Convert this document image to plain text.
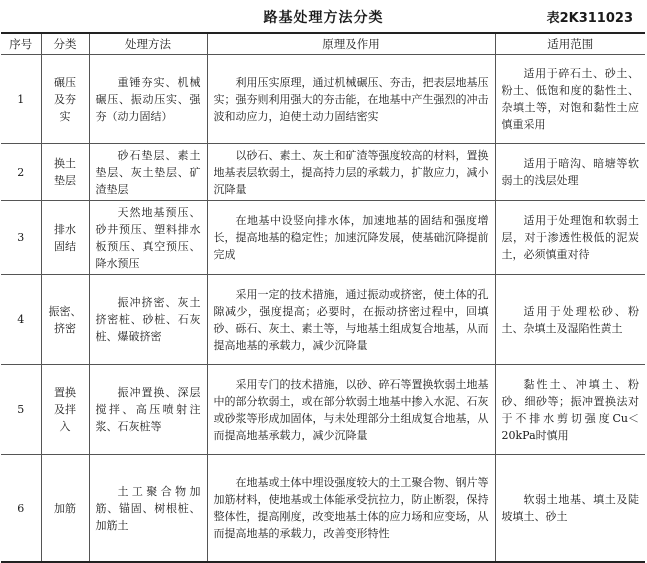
路基处理方法分类	表2K311023
序号	分类	处理方法	原理及作用	适用范围
1	碾压及夯实	重锤夯实、机械碾压、振动压实、强夯（动力固结）	利用压实原理，通过机械碾压、夯击，把表层地基压实；强夯则利用强大的夯击能，在地基中产生强烈的冲击波和动应力，迫使土动力固结密实	适用于碎石土、砂土、粉土、低饱和度的黏性土、杂填土等，对饱和黏性土应慎重采用

2	换土垫层	砂石垫层、素土垫层、灰土垫层、矿渣垫层	以砂石、素土、灰土和矿渣等强度较高的材料，置换地基表层软弱土，提高持力层的承载力，扩散应力，减小沉降量	适用于暗沟、暗塘等软弱土的浅层处理

3	排水固结	天然地基预压、砂井预压、塑料排水板预压、真空预压、降水预压	在地基中设竖向排水体，加速地基的固结和强度增长，提高地基的稳定性；加速沉降发展，使基础沉降提前完成	适用于处理饱和软弱土层，对于渗透性极低的泥炭土，必须慎重对待

4	振密、挤密	振冲挤密、灰土挤密桩、砂桩、石灰桩、爆破挤密	采用一定的技术措施，通过振动或挤密，使土体的孔隙减少，强度提高；必要时，在振动挤密过程中，回填砂、砾石、灰土、素土等，与地基土组成复合地基，从而提高地基的承载力，减少沉降量	适用于处理松砂、粉土、杂填土及湿陷性黄土

5	置换及拌入	振冲置换、深层搅拌、高压喷射注浆、石灰桩等	采用专门的技术措施，以砂、碎石等置换软弱土地基中的部分软弱土，或在部分软弱土地基中掺入水泥、石灰或砂浆等形成加固体，与未处理部分土组成复合地基，从而提高地基承载力，减少沉降量	黏性土、冲填土、粉砂、细砂等；振冲置换法对于不排水剪切强度Cu＜20kPa时慎用

6	加筋	土工聚合物加筋、锚固、树根桩、加筋土	在地基或土体中埋设强度较大的土工聚合物、钢片等加筋材料，使地基或土体能承受抗拉力，防止断裂，保持整体性，提高刚度，改变地基土体的应力场和应变场，从而提高地基的承载力，改善变形特性	软弱土地基、填土及陡坡填土、砂土
